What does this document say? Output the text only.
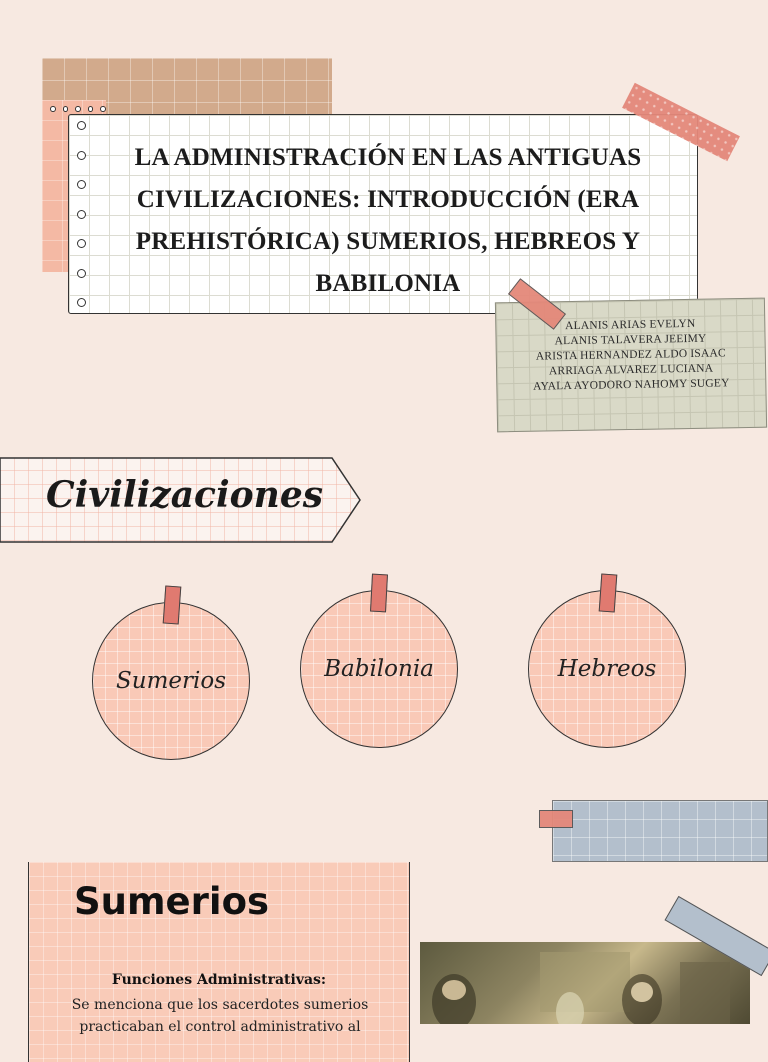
LA ADMINISTRACIÓN EN LAS ANTIGUAS CIVILIZACIONES: INTRODUCCIÓN (ERA PREHISTÓRICA) SUMERIOS, HEBREOS Y BABILONIA
ALANIS ARIAS EVELYN
ALANIS TALAVERA JEEIMY
ARISTA HERNANDEZ ALDO ISAAC
ARRIAGA ALVAREZ LUCIANA
AYALA AYODORO NAHOMY SUGEY
Civilizaciones
Sumerios	Babilonia	Hebreos
Sumerios
Funciones Administrativas:
Se menciona que los sacerdotes sumerios practicaban el control administrativo al
